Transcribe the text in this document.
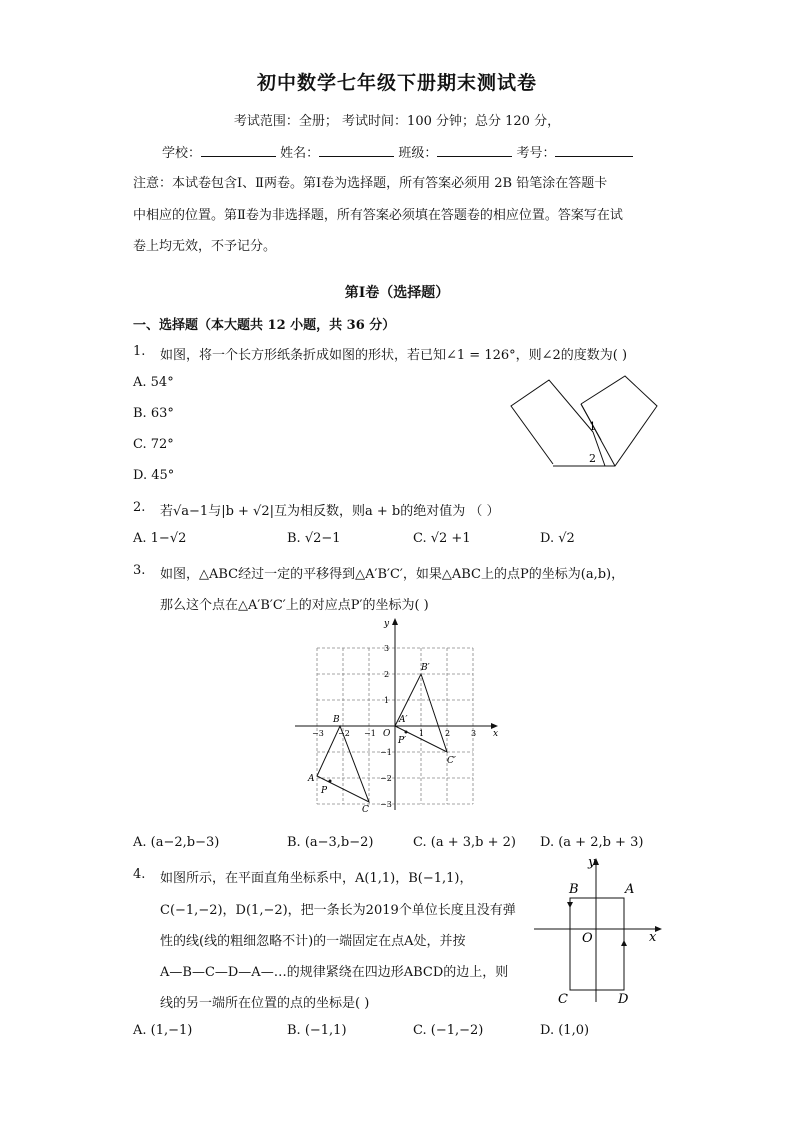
初中数学七年级下册期末测试卷
考试范围：全册； 考试时间：100 分钟；总分 120 分，
学校：	姓名：	班级：	考号：
注意：本试卷包含Ⅰ、Ⅱ两卷。第Ⅰ卷为选择题，所有答案必须用 2B 铅笔涂在答题卡
中相应的位置。第Ⅱ卷为非选择题，所有答案必须填在答题卷的相应位置。答案写在试
卷上均无效，不予记分。
第Ⅰ卷（选择题）
一、选择题（本大题共 12 小题，共 36 分）
1. 如图，将一个长方形纸条折成如图的形状，若已知∠1 = 126°，则∠2的度数为( )
A. 54°
B. 63°
C. 72°
D. 45°
1
2
2. 若√a−1与|b + √2|互为相反数，则a + b的绝对值为 （ ）
A. 1−√2	B. √2−1	C. √2 +1	D. √2
3. 如图，△ABC经过一定的平移得到△A′B′C′，如果△ABC上的点P的坐标为(a,b)，
那么这个点在△A′B′C′上的对应点P′的坐标为( )
x
y
O
−3 −2 −1	1	2	3
3
2
1
−1
−2
−3
A
B
C
P
A′
B′
C′
P′
A. (a−2,b−3)	B. (a−3,b−2)	C. (a + 3,b + 2) D. (a + 2,b + 3)
4. 如图所示，在平面直角坐标系中，A(1,1)，B(−1,1)，
C(−1,−2)，D(1,−2)，把一条长为2019个单位长度且没有弹
性的线(线的粗细忽略不计)的一端固定在点A处，并按
A—B—C—D—A—…的规律紧绕在四边形ABCD的边上，则
线的另一端所在位置的点的坐标是( )
x
y
O
A
B
C	D
A. (1,−1)	B. (−1,1)	C. (−1,−2)	D. (1,0)
